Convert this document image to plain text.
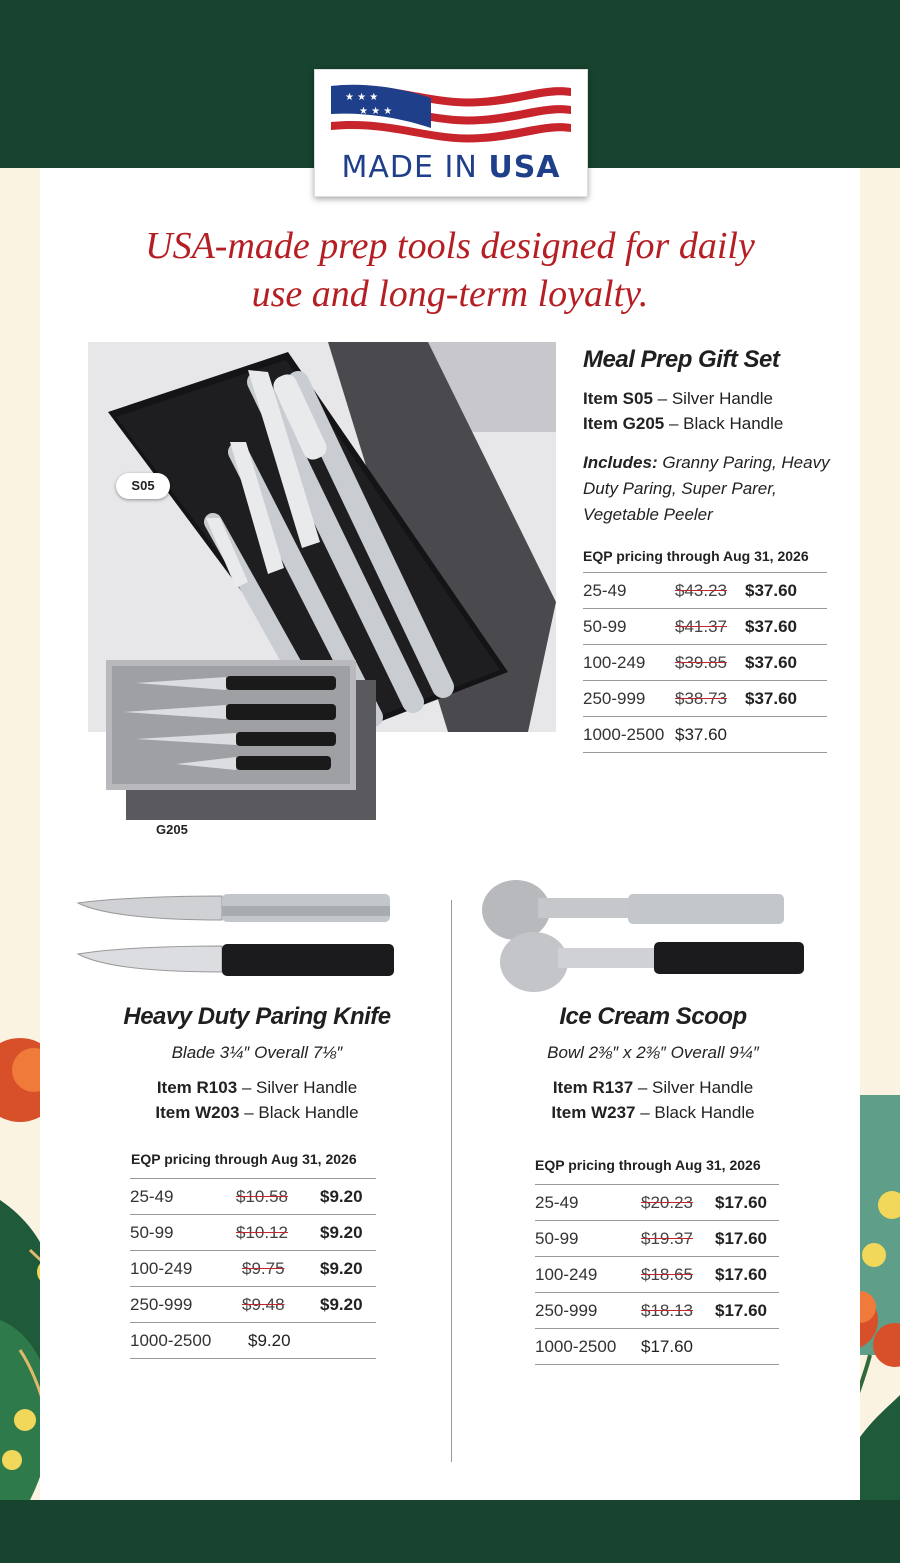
★ ★ ★
★ ★ ★
MADE IN USA
USA-made prep tools designed for daily
use and long-term loyalty.
S05
G205
Meal Prep Gift Set
Item S05 – Silver Handle
Item G205 – Black Handle
Includes: Granny Paring, Heavy Duty Paring, Super Parer, Vegetable Peeler
EQP pricing through Aug 31, 2026
25-49	$43.23	$37.60
50-99	$41.37	$37.60
100-249	$39.85	$37.60
250-999	$38.73	$37.60
1000-2500	$37.60	
Heavy Duty Paring Knife
Blade 3¼″ Overall 7⅛″
Item R103 – Silver Handle
Item W203 – Black Handle
EQP pricing through Aug 31, 2026
25-49	$10.58	$9.20
50-99	$10.12	$9.20
100-249	$9.75	$9.20
250-999	$9.48	$9.20
1000-2500	$9.20	
Ice Cream Scoop
Bowl 2⅜″ x 2⅜″ Overall 9¼″
Item R137 – Silver Handle
Item W237 – Black Handle
EQP pricing through Aug 31, 2026
25-49	$20.23	$17.60
50-99	$19.37	$17.60
100-249	$18.65	$17.60
250-999	$18.13	$17.60
1000-2500	$17.60	
